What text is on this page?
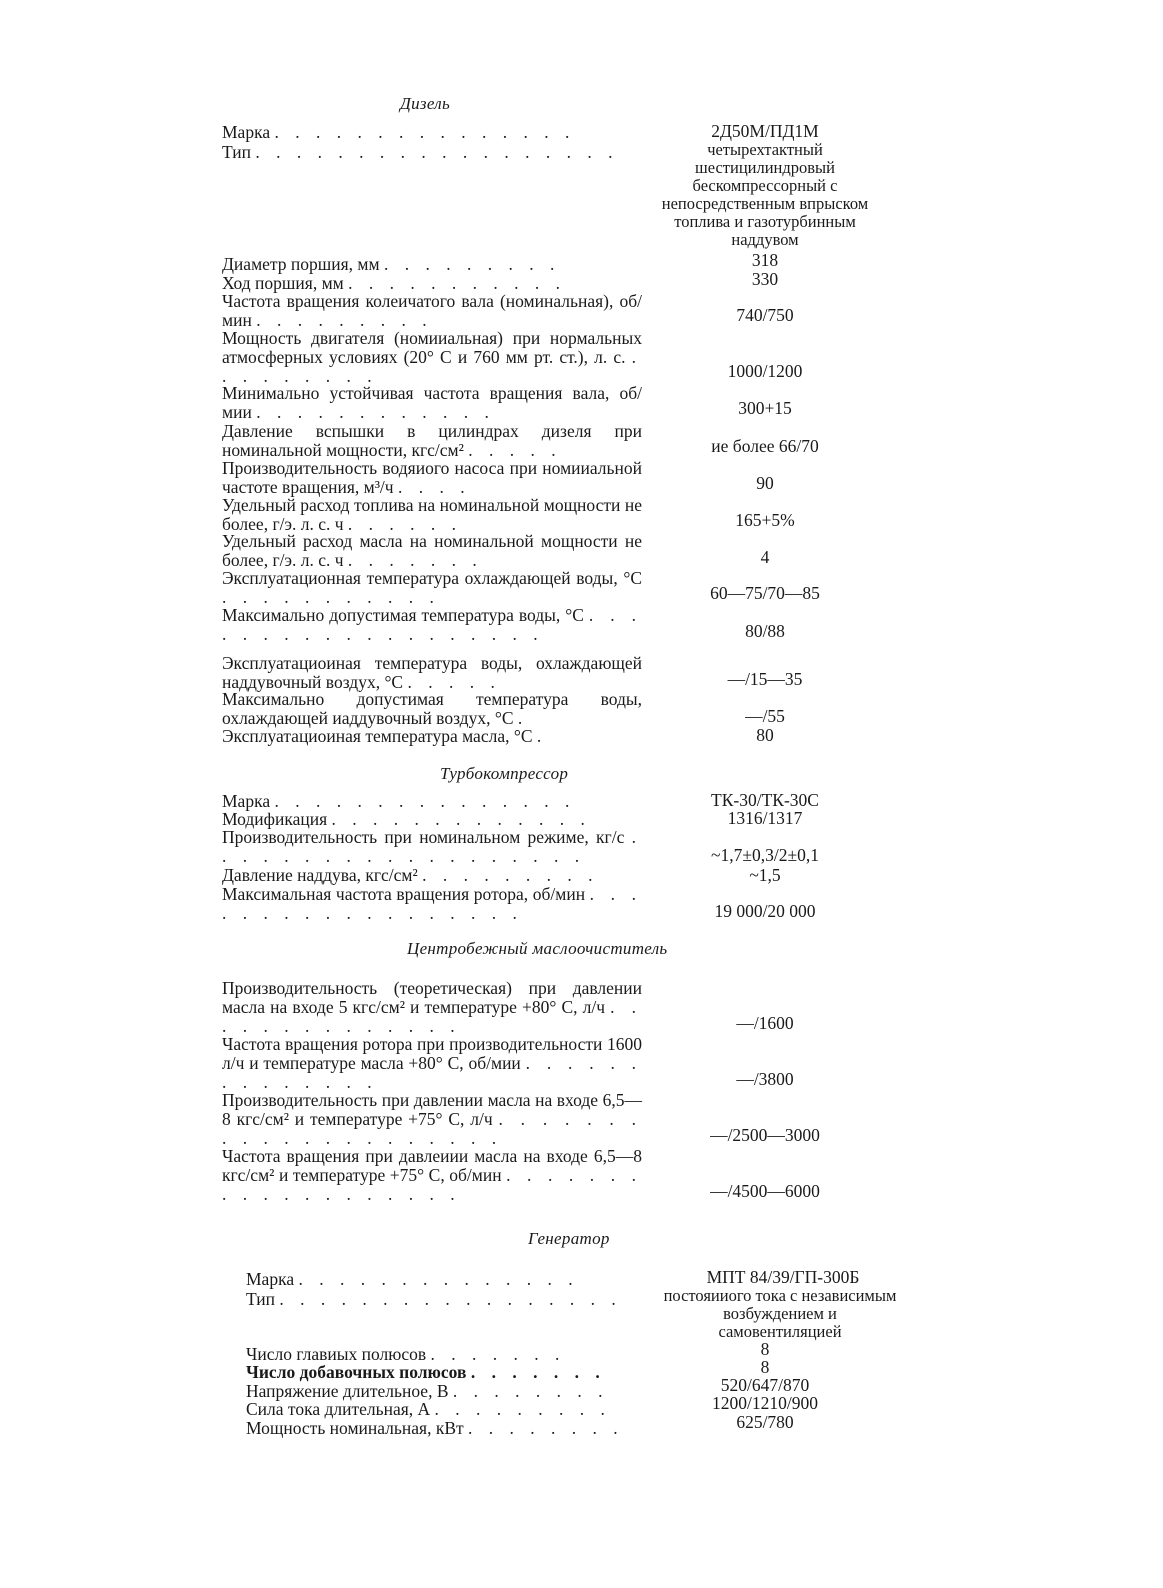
Дизель
Марка . . . . . . . . . . . . . . .	2Д50М/ПД1М
Тип . . . . . . . . . . . . . . . . . .	четырехтактный шестицилиндровый бескомпрессорный с непосредственным впрыском топлива и газотурбинным наддувом
Диаметр поршия, мм . . . . . . . . .	318
Ход поршия, мм . . . . . . . . . . .	330
Частота вращения колеичатого вала (номинальная), об/мин . . . . . . . . .	740/750
Мощность двигателя (номииальная) при нормальных атмосферных условиях (20° С и 760 мм рт. ст.), л. с. . . . . . . . . .	1000/1200
Минимально устойчивая частота вращения вала, об/мии . . . . . . . . . . . .	300+15
Давление вспышки в цилиндрах дизеля при номинальной мощности, кгс/см² . . . . .	ие более 66/70
Производительность водяиого насоса при номииальной частоте вращения, м³/ч . . . .	90
Удельный расход топлива на номинальной мощности не более, г/э. л. с. ч . . . . . .	165+5%
Удельный расход масла на номинальной мощности не более, г/э. л. с. ч . . . . . . .	4
Эксплуатационная температура охлаждающей воды, °С . . . . . . . . . . .	60—75/70—85
Максимально допустимая температура воды, °С . . . . . . . . . . . . . . . . . . .	80/88
Эксплуатациоиная температура воды, охлаждающей наддувочный воздух, °С . . . . .	—/15—35
Максимально допустимая температура воды, охлаждающей иаддувочный воздух, °С .	—/55
Эксплуатациоиная температура масла, °С .	80
Турбокомпрессор
Марка . . . . . . . . . . . . . . .	ТК-30/ТК-30С
Модификация . . . . . . . . . . . . .	1316/1317
Производительность при номинальном режиме, кг/с . . . . . . . . . . . . . . . . . . .	~1,7±0,3/2±0,1
Давление наддува, кгс/см² . . . . . . . . .	~1,5
Максимальная частота вращения ротора, об/мин . . . . . . . . . . . . . . . . . .	19 000/20 000
Центробежный маслоочиститель
Производительность (теоретическая) при давлении масла на входе 5 кгс/см² и температуре +80° С, л/ч . . . . . . . . . . . . . .	—/1600
Частота вращения ротора при производительности 1600 л/ч и температуре масла +80° С, об/мии . . . . . . . . . . . . . .	—/3800
Производительность при давлении масла на входе 6,5—8 кгс/см² и температуре +75° С, л/ч . . . . . . . . . . . . . . . . . . . . .	—/2500—3000
Частота вращения при давлеиии масла на входе 6,5—8 кгс/см² и температуре +75° С, об/мин . . . . . . . . . . . . . . . . . . .	—/4500—6000
Генератор
Марка . . . . . . . . . . . . . .	МПТ 84/39/ГП-300Б
Тип . . . . . . . . . . . . . . . . .	постояииого тока с независимым возбуждением и самовентиляцией
Число главиых полюсов . . . . . . .	8
Число добавочных полюсов . . . . . . .	8
Напряжение длительное, В . . . . . . . .	520/647/870
Сила тока длительная, А . . . . . . . . .	1200/1210/900
Мощность номинальная, кВт . . . . . . . .	625/780
